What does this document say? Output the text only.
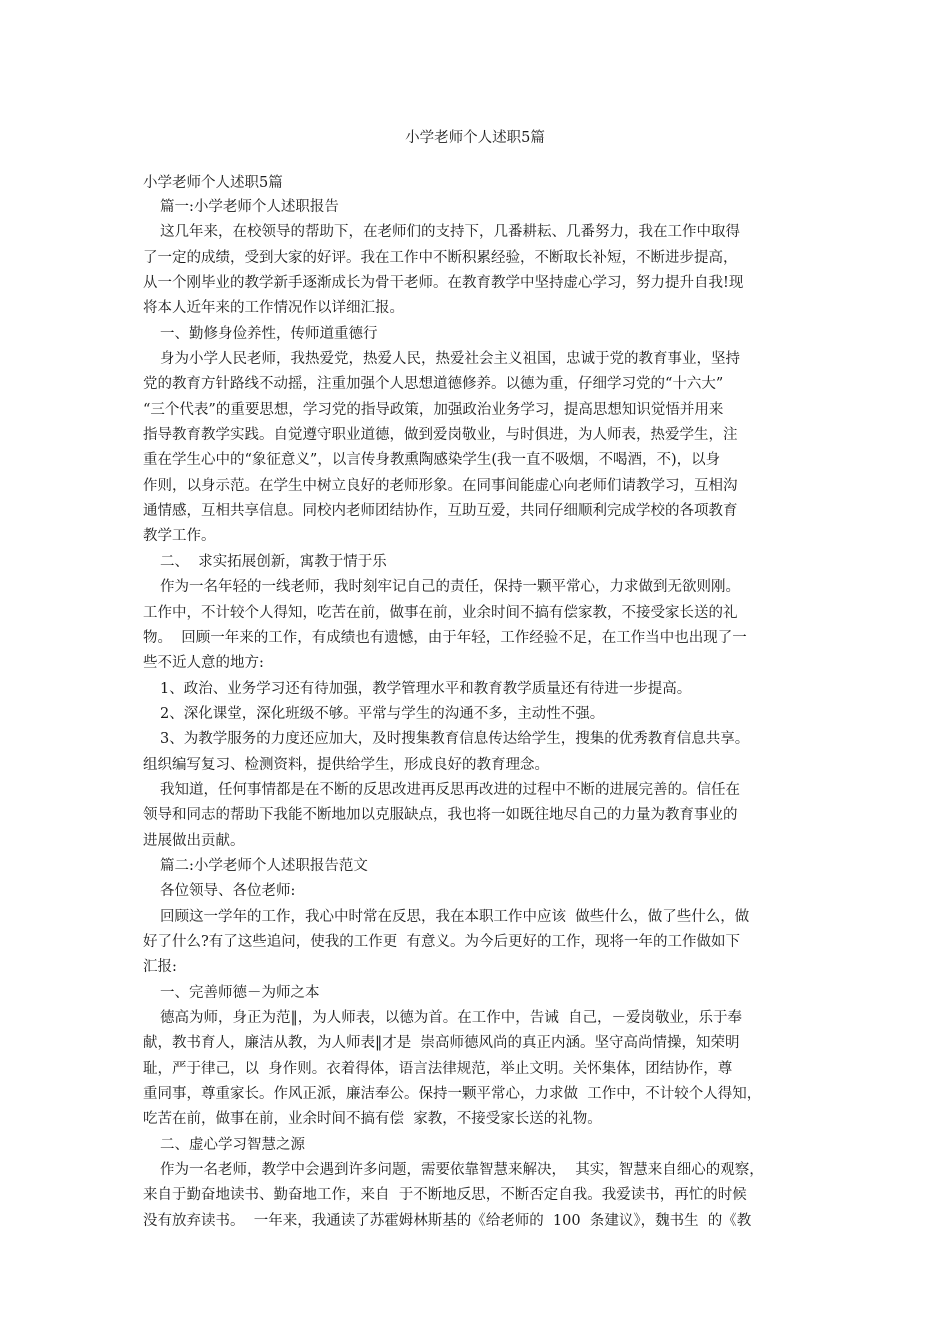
小学老师个人述职5篇
小学老师个人述职5篇
篇一:小学老师个人述职报告
这几年来，在校领导的帮助下，在老师们的支持下，几番耕耘、几番努力，我在工作中取得
了一定的成绩，受到大家的好评。我在工作中不断积累经验，不断取长补短，不断进步提高，
从一个刚毕业的教学新手逐渐成长为骨干老师。在教育教学中坚持虚心学习，努力提升自我!现
将本人近年来的工作情况作以详细汇报。
一、勤修身俭养性，传师道重德行
身为小学人民老师，我热爱党，热爱人民，热爱社会主义祖国，忠诚于党的教育事业，坚持
党的教育方针路线不动摇，注重加强个人思想道德修养。以德为重，仔细学习党的“十六大”
“三个代表”的重要思想，学习党的指导政策，加强政治业务学习，提高思想知识觉悟并用来
指导教育教学实践。自觉遵守职业道德，做到爱岗敬业，与时俱进，为人师表，热爱学生，注
重在学生心中的“象征意义”，以言传身教熏陶感染学生(我一直不吸烟，不喝酒，不)，以身
作则，以身示范。在学生中树立良好的老师形象。在同事间能虚心向老师们请教学习，互相沟
通情感，互相共享信息。同校内老师团结协作，互助互爱，共同仔细顺利完成学校的各项教育
教学工作。
二、  求实拓展创新，寓教于情于乐
作为一名年轻的一线老师，我时刻牢记自己的责任，保持一颗平常心，力求做到无欲则刚。
工作中，不计较个人得知，吃苦在前，做事在前，业余时间不搞有偿家教，不接受家长送的礼
物。  回顾一年来的工作，有成绩也有遗憾，由于年轻，工作经验不足，在工作当中也出现了一
些不近人意的地方:
1、政治、业务学习还有待加强，教学管理水平和教育教学质量还有待进一步提高。
2、深化课堂，深化班级不够。平常与学生的沟通不多，主动性不强。
3、为教学服务的力度还应加大，及时搜集教育信息传达给学生，搜集的优秀教育信息共享。
组织编写复习、检测资料，提供给学生，形成良好的教育理念。
我知道，任何事情都是在不断的反思改进再反思再改进的过程中不断的进展完善的。信任在
领导和同志的帮助下我能不断地加以克服缺点，我也将一如既往地尽自己的力量为教育事业的
进展做出贡献。
篇二:小学老师个人述职报告范文
各位领导、各位老师:
回顾这一学年的工作，我心中时常在反思，我在本职工作中应该  做些什么，做了些什么，做
好了什么?有了这些追问，使我的工作更  有意义。为今后更好的工作，现将一年的工作做如下
汇报:
一、完善师德－为师之本
德高为师，身正为范‖，为人师表，以德为首。在工作中，告诫  自己，－爱岗敬业，乐于奉
献，教书育人，廉洁从教，为人师表‖才是  崇高师德风尚的真正内涵。坚守高尚情操，知荣明
耻，严于律己，以  身作则。衣着得体，语言法律规范，举止文明。关怀集体，团结协作，尊
重同事，尊重家长。作风正派，廉洁奉公。保持一颗平常心，力求做  工作中，不计较个人得知，
吃苦在前，做事在前，业余时间不搞有偿  家教，不接受家长送的礼物。
二、虚心学习智慧之源
作为一名老师，教学中会遇到许多问题，需要依靠智慧来解决，  其实，智慧来自细心的观察，
来自于勤奋地读书、勤奋地工作，来自  于不断地反思，不断否定自我。我爱读书，再忙的时候
没有放弃读书。  一年来，我通读了苏霍姆林斯基的《给老师的  100  条建议》，魏书生  的《教
